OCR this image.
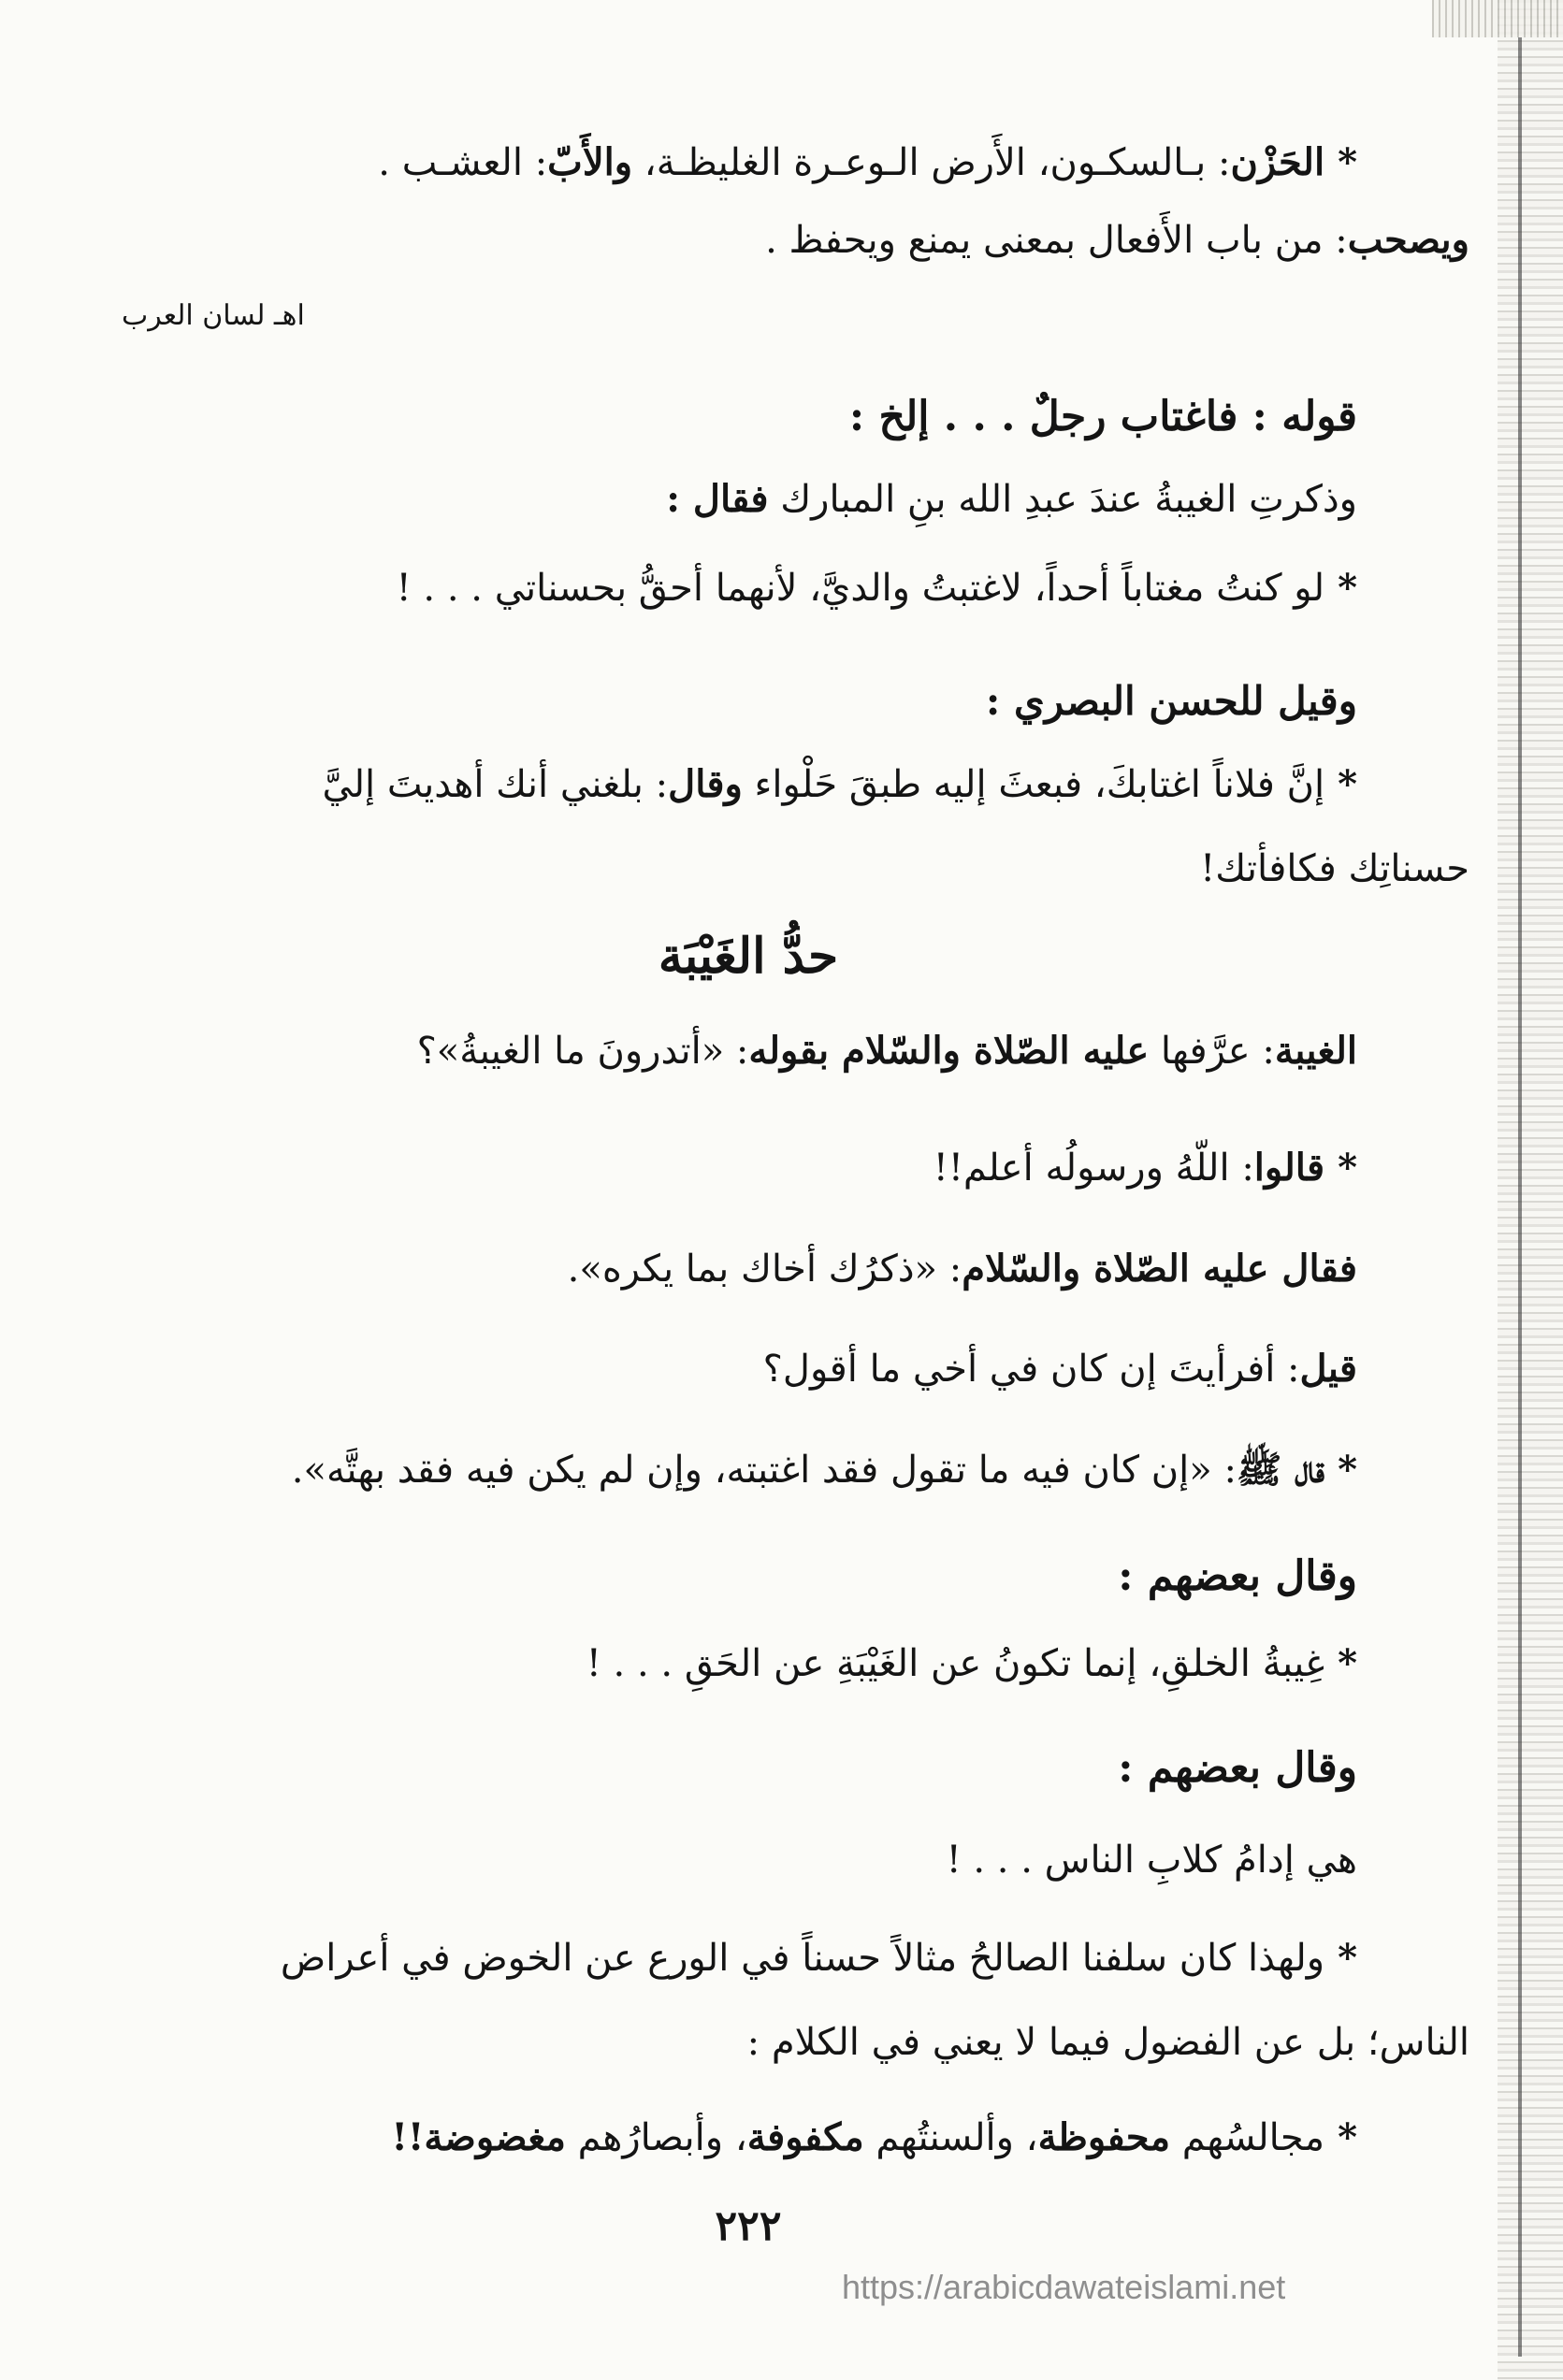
*الحَزْن: بـالسكـون، الأَرض الـوعـرة الغليظـة، والأَبّ: العشـب .
ويصحب: من باب الأَفعال بمعنى يمنع ويحفظ .
اهـ لسان العرب
قوله : فاغتاب رجلٌ . . . إلخ :
وذكرتِ الغيبةُ عندَ عبدِ الله بنِ المبارك فقال :
*لو كنتُ مغتاباً أحداً، لاغتبتُ والديَّ، لأنهما أحقُّ بحسناتي . . . !
وقيل للحسن البصري :
*إنَّ فلاناً اغتابكَ، فبعثَ إليه طبقَ حَلْواء وقال: بلغني أنك أهديتَ إليَّ
حسناتِك فكافأتك!
حدُّ الغَيْبَة
الغيبة: عرَّفها عليه الصّلاة والسّلام بقوله: «أتدرونَ ما الغيبةُ»؟
*قالوا: اللّهُ ورسولُه أعلم!!
فقال عليه الصّلاة والسّلام: «ذكرُك أخاك بما يكره».
قيل: أفرأيتَ إن كان في أخي ما أقول؟
*قال ﷺ: «إن كان فيه ما تقول فقد اغتبته، وإن لم يكن فيه فقد بهتَّه».
وقال بعضهم :
*غِيبةُ الخلقِ، إنما تكونُ عن الغَيْبَةِ عن الحَقِ . . . !
وقال بعضهم :
هي إدامُ كلابِ الناس . . . !
*ولهذا كان سلفنا الصالحُ مثالاً حسناً في الورع عن الخوض في أعراض
الناس؛ بل عن الفضول فيما لا يعني في الكلام :
*مجالسُهم محفوظة، وألسنتُهم مكفوفة، وأبصارُهم مغضوضة!!
٢٢٢
https://arabicdawateislami.net
